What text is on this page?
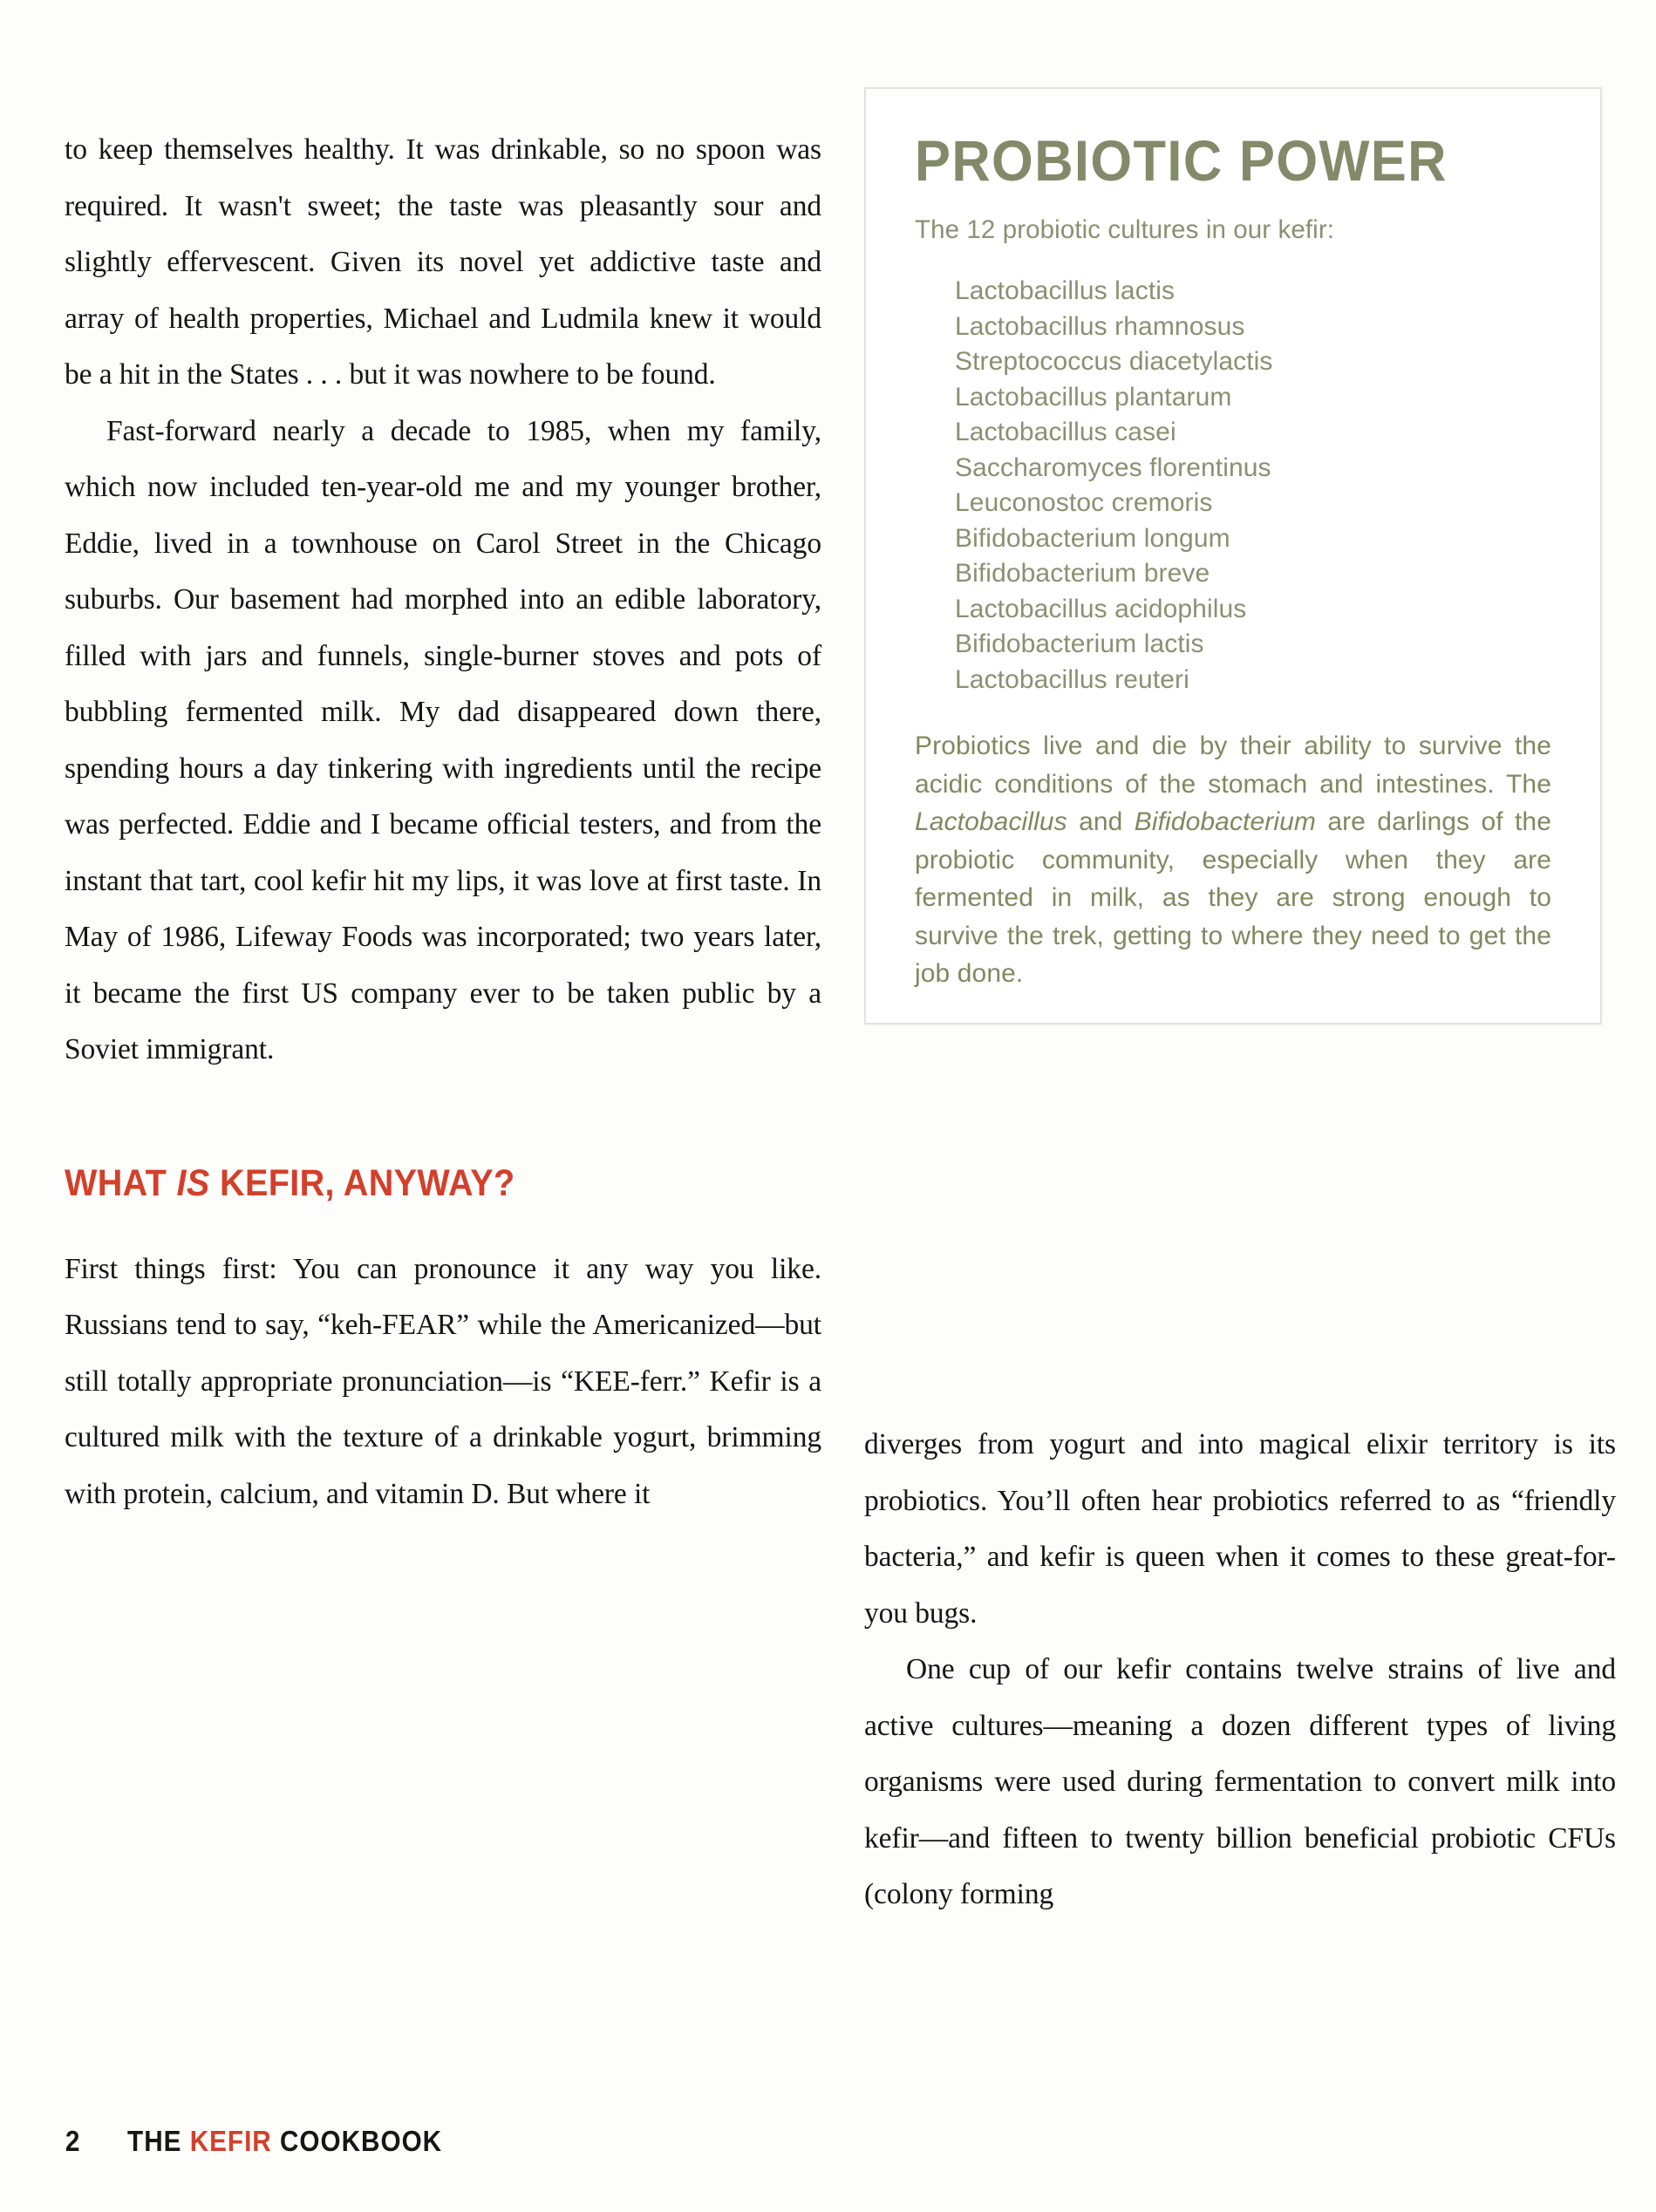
to keep themselves healthy. It was drinkable, so no spoon was required. It wasn't sweet; the taste was pleasantly sour and slightly effervescent. Given its novel yet addictive taste and array of health properties, Michael and Ludmila knew it would be a hit in the States . . . but it was nowhere to be found.

Fast-forward nearly a decade to 1985, when my family, which now included ten-year-old me and my younger brother, Eddie, lived in a townhouse on Carol Street in the Chicago suburbs. Our basement had morphed into an edible laboratory, filled with jars and funnels, single-burner stoves and pots of bubbling fermented milk. My dad disappeared down there, spending hours a day tinkering with ingredients until the recipe was perfected. Eddie and I became official testers, and from the instant that tart, cool kefir hit my lips, it was love at first taste. In May of 1986, Lifeway Foods was incorporated; two years later, it became the first US company ever to be taken public by a Soviet immigrant.

WHAT IS KEFIR, ANYWAY?

First things first: You can pronounce it any way you like. Russians tend to say, “keh-FEAR” while the Americanized—but still totally appropriate pronunciation—is “KEE-ferr.” Kefir is a cultured milk with the texture of a drinkable yogurt, brimming with protein, calcium, and vitamin D. But where it

PROBIOTIC POWER

The 12 probiotic cultures in our kefir:

Lactobacillus lactis
Lactobacillus rhamnosus
Streptococcus diacetylactis
Lactobacillus plantarum
Lactobacillus casei
Saccharomyces florentinus
Leuconostoc cremoris
Bifidobacterium longum
Bifidobacterium breve
Lactobacillus acidophilus
Bifidobacterium lactis
Lactobacillus reuteri

Probiotics live and die by their ability to survive the acidic conditions of the stomach and intestines. The Lactobacillus and Bifidobacterium are darlings of the probiotic community, especially when they are fermented in milk, as they are strong enough to survive the trek, getting to where they need to get the job done.

diverges from yogurt and into magical elixir territory is its probiotics. You’ll often hear probiotics referred to as “friendly bacteria,” and kefir is queen when it comes to these great-for-you bugs.

One cup of our kefir contains twelve strains of live and active cultures—meaning a dozen different types of living organisms were used during fermentation to convert milk into kefir—and fifteen to twenty billion beneficial probiotic CFUs (colony forming

2 THE KEFIR COOKBOOK
